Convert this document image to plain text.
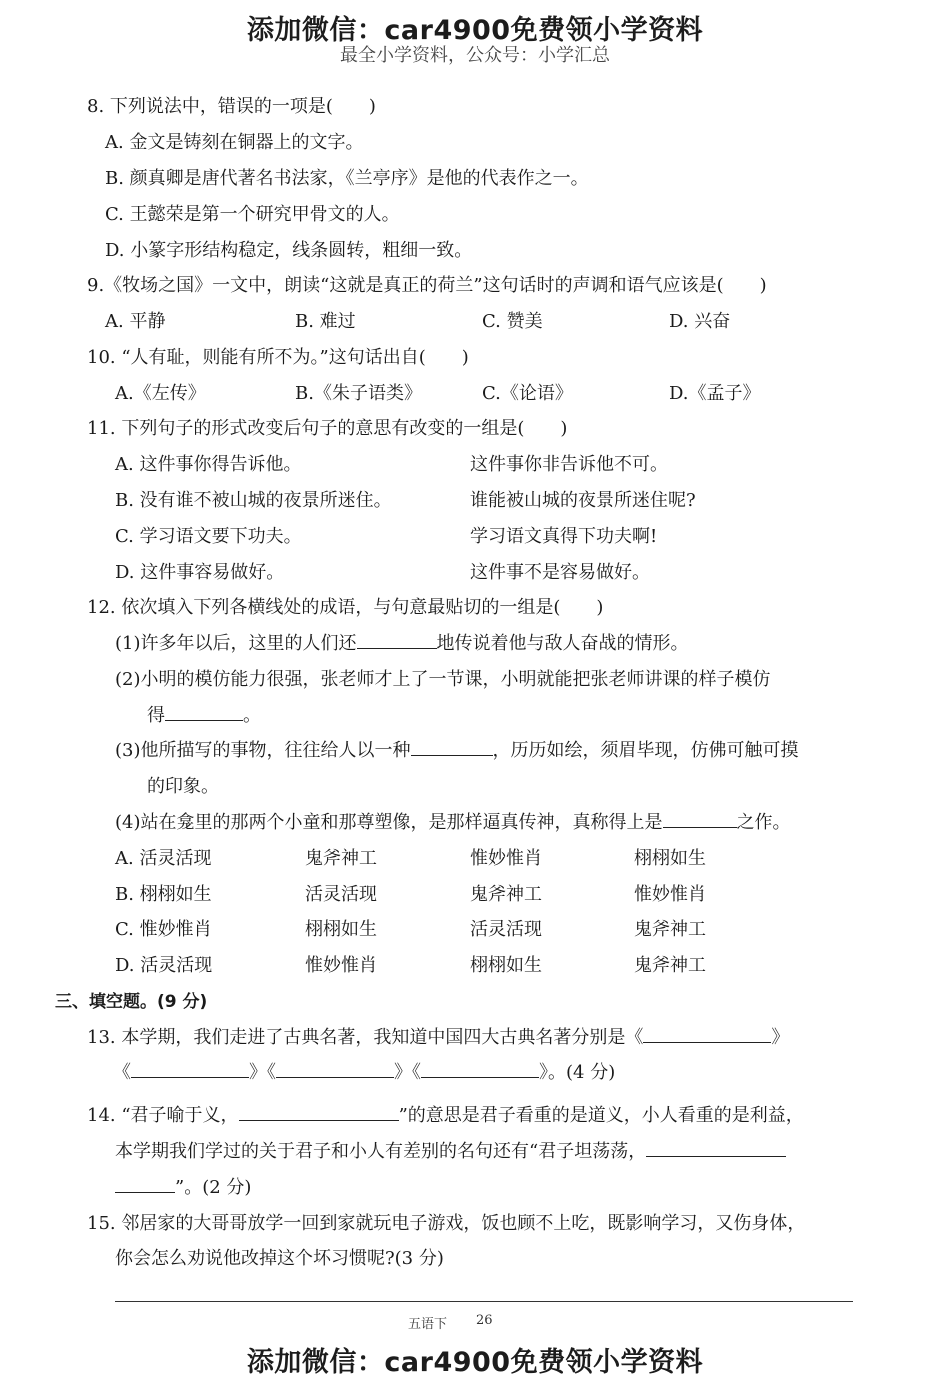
添加微信：car4900免费领小学资料
最全小学资料，公众号：小学汇总
8. 下列说法中，错误的一项是(　　)
A. 金文是铸刻在铜器上的文字。
B. 颜真卿是唐代著名书法家，《兰亭序》是他的代表作之一。
C. 王懿荣是第一个研究甲骨文的人。
D. 小篆字形结构稳定，线条圆转，粗细一致。
9.《牧场之国》一文中，朗读“这就是真正的荷兰”这句话时的声调和语气应该是(　　)
A. 平静	B. 难过	C. 赞美	D. 兴奋
10. “人有耻，则能有所不为。”这句话出自(　　)
A.《左传》	B.《朱子语类》	C.《论语》	D.《孟子》
11. 下列句子的形式改变后句子的意思有改变的一组是(　　)
A. 这件事你得告诉他。	这件事你非告诉他不可。
B. 没有谁不被山城的夜景所迷住。	谁能被山城的夜景所迷住呢?
C. 学习语文要下功夫。	学习语文真得下功夫啊!
D. 这件事容易做好。	这件事不是容易做好。
12. 依次填入下列各横线处的成语，与句意最贴切的一组是(　　)
(1)许多年以后，这里的人们还	地传说着他与敌人奋战的情形。
(2)小明的模仿能力很强，张老师才上了一节课，小明就能把张老师讲课的样子模仿
得	。
(3)他所描写的事物，往往给人以一种	，历历如绘，须眉毕现，仿佛可触可摸
的印象。
(4)站在龛里的那两个小童和那尊塑像，是那样逼真传神，真称得上是	之作。
A. 活灵活现	鬼斧神工	惟妙惟肖	栩栩如生
B. 栩栩如生	活灵活现	鬼斧神工	惟妙惟肖
C. 惟妙惟肖	栩栩如生	活灵活现	鬼斧神工
D. 活灵活现	惟妙惟肖	栩栩如生	鬼斧神工
三、填空题。(9 分)
13. 本学期，我们走进了古典名著，我知道中国四大古典名著分别是《	》
《	》《	》《	》。(4 分)
14. “君子喻于义，	”的意思是君子看重的是道义，小人看重的是利益，
本学期我们学过的关于君子和小人有差别的名句还有“君子坦荡荡，
”。(2 分)
15. 邻居家的大哥哥放学一回到家就玩电子游戏，饭也顾不上吃，既影响学习，又伤身体，
你会怎么劝说他改掉这个坏习惯呢?(3 分)
五语下 26
添加微信：car4900免费领小学资料
